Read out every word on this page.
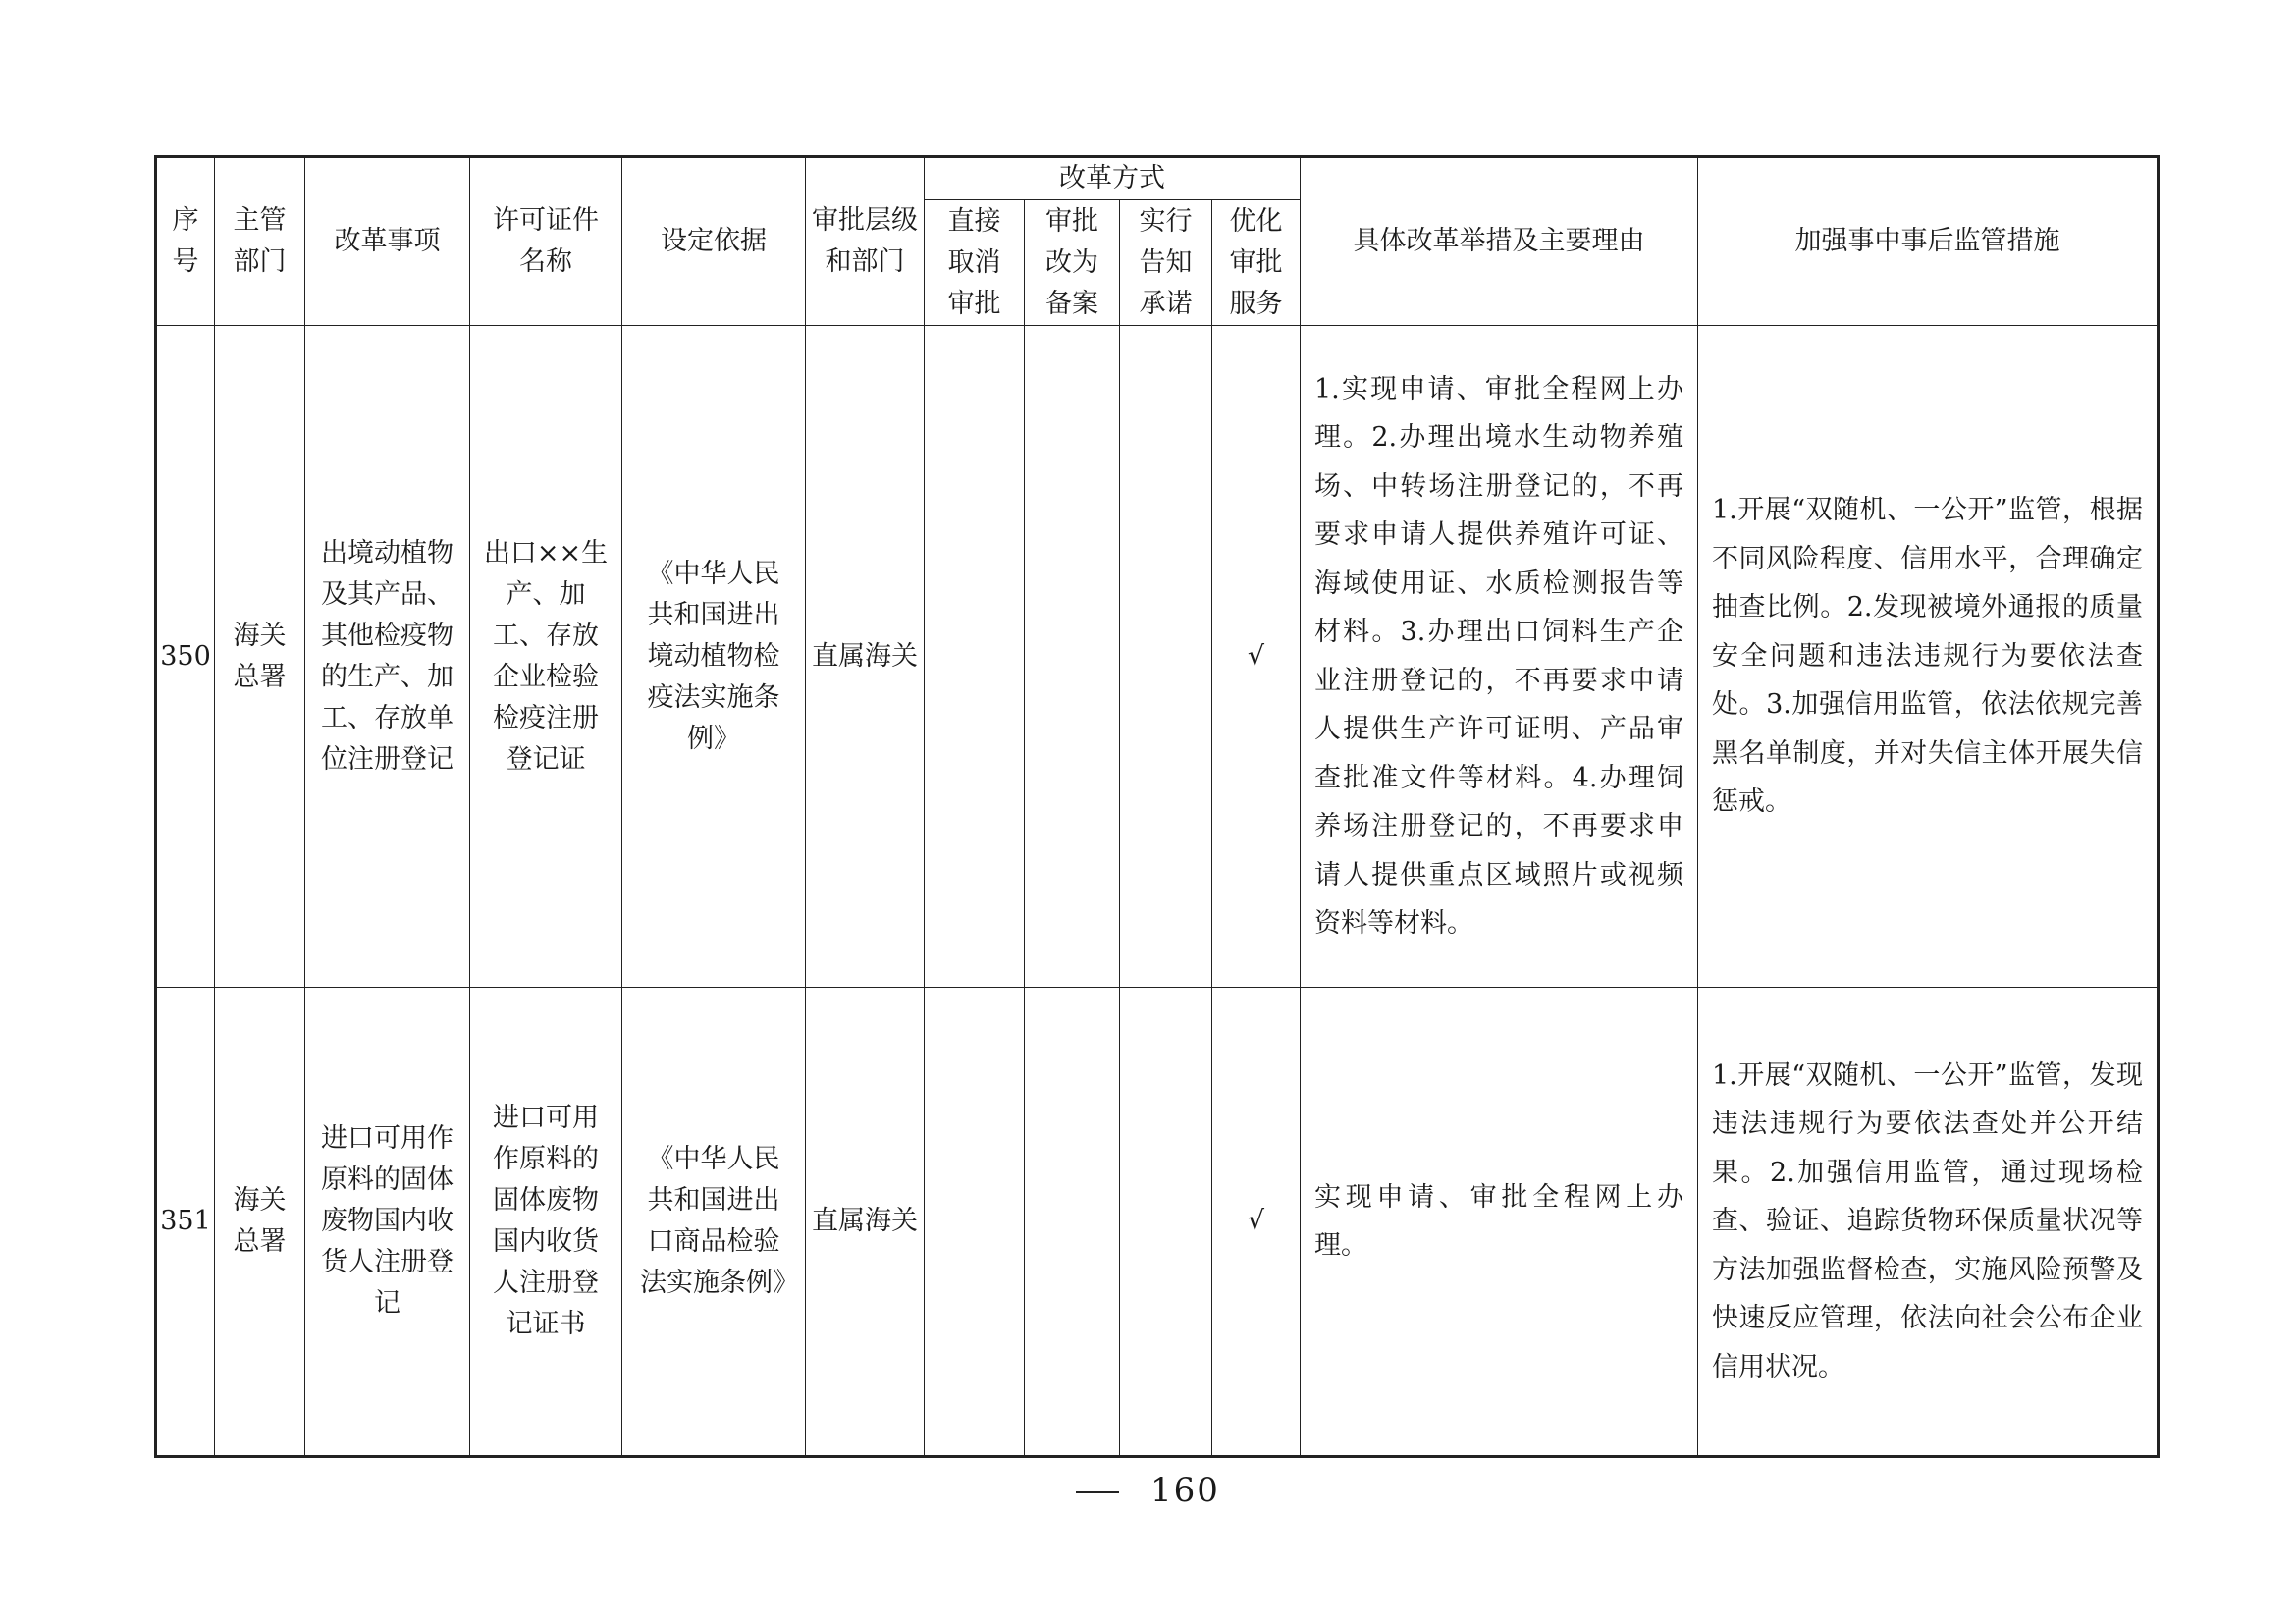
序号	主管部门	改革事项	许可证件名称	设定依据	审批层级和部门	改革方式				具体改革举措及主要理由	加强事中事后监管措施

						直接取消审批	审批改为备案	实行告知承诺	优化审批服务		

350	海关总署	出境动植物及其产品、其他检疫物的生产、加工、存放单位注册登记	出口××生产、加工、存放企业检验检疫注册登记证	《中华人民共和国进出境动植物检疫法实施条例》	直属海关				√	1.实现申请、审批全程网上办理。2.办理出境水生动物养殖场、中转场注册登记的，不再要求申请人提供养殖许可证、海域使用证、水质检测报告等材料。3.办理出口饲料生产企业注册登记的，不再要求申请人提供生产许可证明、产品审查批准文件等材料。4.办理饲养场注册登记的，不再要求申请人提供重点区域照片或视频资料等材料。	1.开展“双随机、一公开”监管，根据不同风险程度、信用水平，合理确定抽查比例。2.发现被境外通报的质量安全问题和违法违规行为要依法查处。3.加强信用监管，依法依规完善黑名单制度，并对失信主体开展失信惩戒。
351	海关总署	进口可用作原料的固体废物国内收货人注册登记	进口可用作原料的固体废物国内收货人注册登记证书	《中华人民共和国进出口商品检验法实施条例》	直属海关				√	实现申请、审批全程网上办理。	1.开展“双随机、一公开”监管，发现违法违规行为要依法查处并公开结果。2.加强信用监管，通过现场检查、验证、追踪货物环保质量状况等方法加强监督检查，实施风险预警及快速反应管理，依法向社会公布企业信用状况。
160
